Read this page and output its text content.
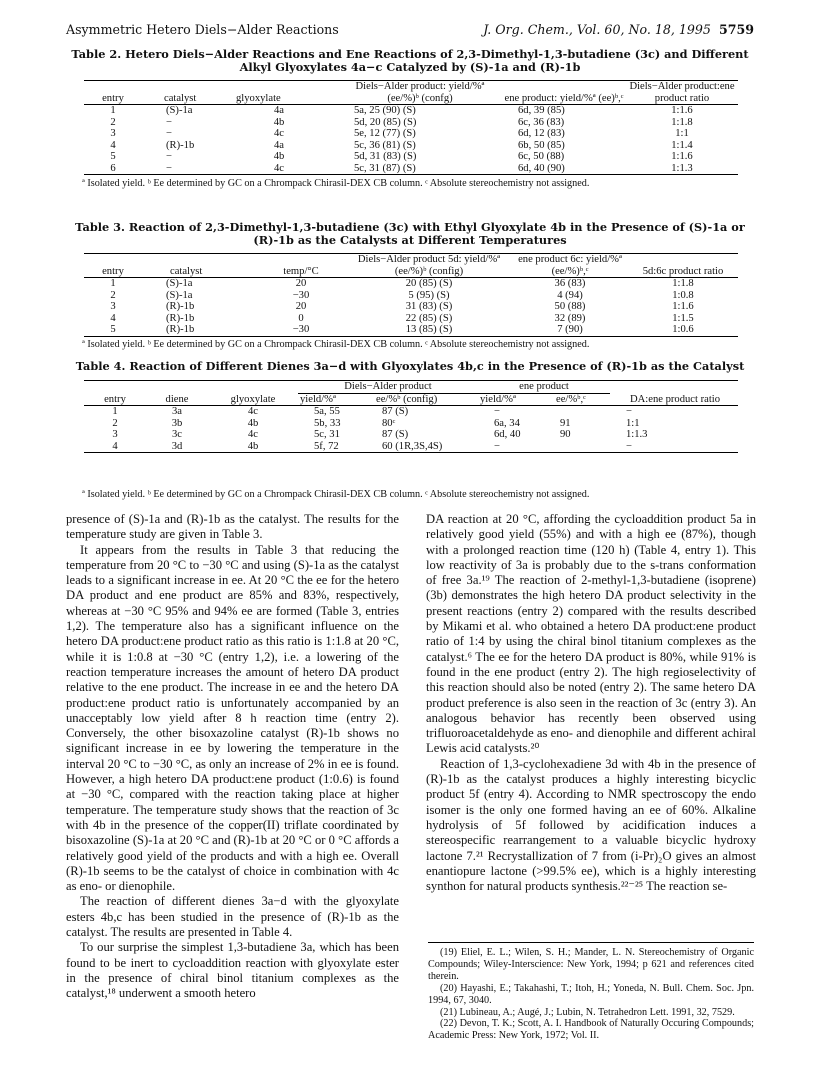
Asymmetric Hetero Diels−Alder Reactions	J. Org. Chem., Vol. 60, No. 18, 1995 5759
Table 2. Hetero Diels−Alder Reactions and Ene Reactions of 2,3-Dimethyl-1,3-butadiene (3c) and Different Alkyl Glyoxylates 4a−c Catalyzed by (S)-1a and (R)-1b
entry	catalyst	glyoxylate	Diels−Alder product: yield/%ª (ee/%)ᵇ (confg)	ene product: yield/%ª (ee)ᵇ,ᶜ	Diels−Alder product:ene product ratio
1	(S)-1a	4a	5a, 25 (90) (S)	6d, 39 (85)	1:1.6
2	−	4b	5d, 20 (85) (S)	6c, 36 (83)	1:1.8
3	−	4c	5e, 12 (77) (S)	6d, 12 (83)	1:1
4	(R)-1b	4a	5c, 36 (81) (S)	6b, 50 (85)	1:1.4
5	−	4b	5d, 31 (83) (S)	6c, 50 (88)	1:1.6
6	−	4c	5c, 31 (87) (S)	6d, 40 (90)	1:1.3
ª Isolated yield. ᵇ Ee determined by GC on a Chrompack Chirasil-DEX CB column. ᶜ Absolute stereochemistry not assigned.
Table 3. Reaction of 2,3-Dimethyl-1,3-butadiene (3c) with Ethyl Glyoxylate 4b in the Presence of (S)-1a or (R)-1b as the Catalysts at Different Temperatures
entry	catalyst	temp/°C	Diels−Alder product 5d: yield/%ª (ee/%)ᵇ (config)	ene product 6c: yield/%ª (ee/%)ᵇ,ᶜ	5d:6c product ratio
1	(S)-1a	20	20 (85) (S)	36 (83)	1:1.8
2	(S)-1a	−30	5 (95) (S)	4 (94)	1:0.8
3	(R)-1b	20	31 (83) (S)	50 (88)	1:1.6
4	(R)-1b	0	22 (85) (S)	32 (89)	1:1.5
5	(R)-1b	−30	13 (85) (S)	7 (90)	1:0.6
ª Isolated yield. ᵇ Ee determined by GC on a Chrompack Chirasil-DEX CB column. ᶜ Absolute stereochemistry not assigned.
Table 4. Reaction of Different Dienes 3a−d with Glyoxylates 4b,c in the Presence of (R)-1b as the Catalyst
			Diels−Alder product		ene product		
entry	diene	glyoxylate	yield/%ª	ee/%ᵇ (config)	yield/%ª	ee/%ᵇ,ᶜ	DA:ene product ratio
1	3a	4c	5a, 55	87 (S)	−		−
2	3b	4b	5b, 33	80ᶜ	6a, 34	91	1:1
3	3c	4c	5c, 31	87 (S)	6d, 40	90	1:1.3
4	3d	4b	5f, 72	60 (1R,3S,4S)	−		−
ª Isolated yield. ᵇ Ee determined by GC on a Chrompack Chirasil-DEX CB column. ᶜ Absolute stereochemistry not assigned.

presence of (S)-1a and (R)-1b as the catalyst. The results for the temperature study are given in Table 3.

It appears from the results in Table 3 that reducing the temperature from 20 °C to −30 °C and using (S)-1a as the catalyst leads to a significant increase in ee. At 20 °C the ee for the hetero DA product and ene product are 85% and 83%, respectively, whereas at −30 °C 95% and 94% ee are formed (Table 3, entries 1,2). The temperature also has a significant influence on the hetero DA product:ene product ratio as this ratio is 1:1.8 at 20 °C, while it is 1:0.8 at −30 °C (entry 1,2), i.e. a lowering of the reaction temperature increases the amount of hetero DA product relative to the ene product. The increase in ee and the hetero DA product:ene product ratio is unfortunately accompanied by an unacceptably low yield after 8 h reaction time (entry 2). Conversely, the other bisoxazoline catalyst (R)-1b shows no significant increase in ee by lowering the temperature in the interval 20 °C to −30 °C, as only an increase of 2% in ee is found. However, a high hetero DA product:ene product (1:0.6) is found at −30 °C, compared with the reaction taking place at higher temperature. The temperature study shows that the reaction of 3c with 4b in the presence of the copper(II) triflate coordinated by bisoxazoline (S)-1a at 20 °C and (R)-1b at 20 °C or 0 °C affords a relatively good yield of the products and with a high ee. Overall (R)-1b seems to be the catalyst of choice in combination with 4c as eno- or dienophile.

The reaction of different dienes 3a−d with the glyoxylate esters 4b,c has been studied in the presence of (R)-1b as the catalyst. The results are presented in Table 4.

To our surprise the simplest 1,3-butadiene 3a, which has been found to be inert to cycloaddition reaction with glyoxylate ester in the presence of chiral binol titanium complexes as the catalyst,¹⁸ underwent a smooth hetero

DA reaction at 20 °C, affording the cycloaddition product 5a in relatively good yield (55%) and with a high ee (87%), though with a prolonged reaction time (120 h) (Table 4, entry 1). This low reactivity of 3a is probably due to the s-trans conformation of free 3a.¹⁹ The reaction of 2-methyl-1,3-butadiene (isoprene) (3b) demonstrates the high hetero DA product selectivity in the present reactions (entry 2) compared with the results described by Mikami et al. who obtained a hetero DA product:ene product ratio of 1:4 by using the chiral binol titanium complexes as the catalyst.⁶ The ee for the hetero DA product is 80%, while 91% is found in the ene product (entry 2). The high regioselectivity of this reaction should also be noted (entry 2). The same hetero DA product preference is also seen in the reaction of 3c (entry 3). An analogous behavior has recently been observed using trifluoroacetaldehyde as eno- and dienophile and different achiral Lewis acid catalysts.²⁰

Reaction of 1,3-cyclohexadiene 3d with 4b in the presence of (R)-1b as the catalyst produces a highly interesting bicyclic product 5f (entry 4). According to NMR spectroscopy the endo isomer is the only one formed having an ee of 60%. Alkaline hydrolysis of 5f followed by acidification induces a stereospecific rearrangement to a valuable bicyclic hydroxy lactone 7.²¹ Recrystallization of 7 from (i-Pr)₂O gives an almost enantiopure lactone (>99.5% ee), which is a highly interesting synthon for natural products synthesis.²²⁻²⁵ The reaction se-

(19) Eliel, E. L.; Wilen, S. H.; Mander, L. N. Stereochemistry of Organic Compounds; Wiley-Interscience: New York, 1994; p 621 and references cited therein.
(20) Hayashi, E.; Takahashi, T.; Itoh, H.; Yoneda, N. Bull. Chem. Soc. Jpn. 1994, 67, 3040.
(21) Lubineau, A.; Augé, J.; Lubin, N. Tetrahedron Lett. 1991, 32, 7529.
(22) Devon, T. K.; Scott, A. I. Handbook of Naturally Occuring Compounds; Academic Press: New York, 1972; Vol. II.
